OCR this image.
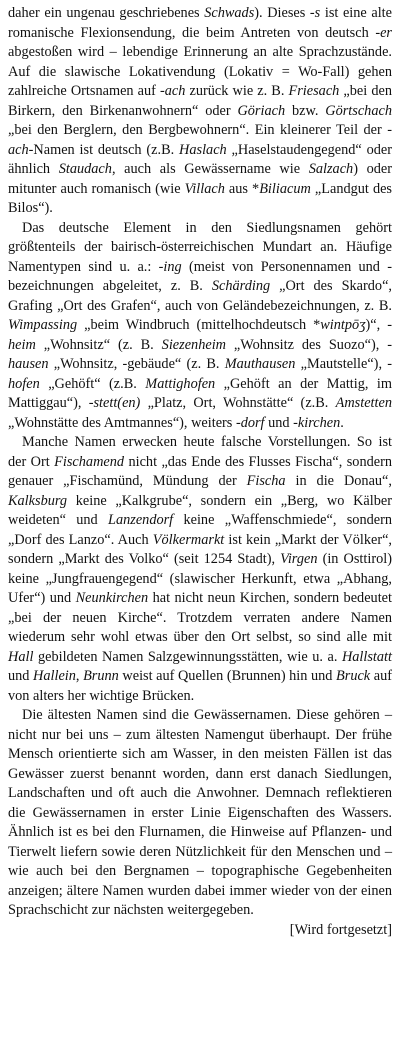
daher ein ungenau geschriebenes Schwads). Dieses -s ist eine alte romanische Flexionsendung, die beim Antreten von deutsch -er abgestoßen wird – lebendige Erinnerung an alte Sprachzustände. Auf die slawische Lokativendung (Lokativ = Wo-Fall) gehen zahlreiche Ortsnamen auf -ach zurück wie z. B. Friesach „bei den Birkern, den Birkenanwohnern“ oder Göriach bzw. Görtschach „bei den Berglern, den Bergbewohnern“. Ein kleinerer Teil der -ach-Namen ist deutsch (z.B. Haslach „Haselstaudengegend“ oder ähnlich Staudach, auch als Gewässername wie Salzach) oder mitunter auch romanisch (wie Villach aus *Biliacum „Landgut des Bilos“).

Das deutsche Element in den Siedlungsnamen gehört größtenteils der bairisch-österreichischen Mundart an. Häufige Namentypen sind u. a.: -ing (meist von Personennamen und -bezeichnungen abgeleitet, z. B. Schärding „Ort des Skardo“, Grafing „Ort des Grafen“, auch von Geländebezeichnungen, z. B. Wimpassing „beim Windbruch (mittelhochdeutsch *wintpōʒ)“, -heim „Wohnsitz“ (z. B. Siezenheim „Wohnsitz des Suozo“), -hausen „Wohnsitz, -gebäude“ (z. B. Mauthausen „Mautstelle“), -hofen „Gehöft“ (z.B. Mattighofen „Gehöft an der Mattig, im Mattiggau“), -stett(en) „Platz, Ort, Wohnstätte“ (z.B. Amstetten „Wohnstätte des Amtmannes“), weiters -dorf und -kirchen.

Manche Namen erwecken heute falsche Vorstellungen. So ist der Ort Fischamend nicht „das Ende des Flusses Fischa“, sondern genauer „Fischamünd, Mündung der Fischa in die Donau“, Kalksburg keine „Kalkgrube“, sondern ein „Berg, wo Kälber weideten“ und Lanzendorf keine „Waffenschmiede“, sondern „Dorf des Lanzo“. Auch Völkermarkt ist kein „Markt der Völker“, sondern „Markt des Volko“ (seit 1254 Stadt), Virgen (in Osttirol) keine „Jungfrauengegend“ (slawischer Herkunft, etwa „Abhang, Ufer“) und Neunkirchen hat nicht neun Kirchen, sondern bedeutet „bei der neuen Kirche“. Trotzdem verraten andere Namen wiederum sehr wohl etwas über den Ort selbst, so sind alle mit Hall gebildeten Namen Salzgewinnungsstätten, wie u. a. Hallstatt und Hallein, Brunn weist auf Quellen (Brunnen) hin und Bruck auf von alters her wichtige Brücken.

Die ältesten Namen sind die Gewässernamen. Diese gehören – nicht nur bei uns – zum ältesten Namengut überhaupt. Der frühe Mensch orientierte sich am Wasser, in den meisten Fällen ist das Gewässer zuerst benannt worden, dann erst danach Siedlungen, Landschaften und oft auch die Anwohner. Demnach reflektieren die Gewässernamen in erster Linie Eigenschaften des Wassers. Ähnlich ist es bei den Flurnamen, die Hinweise auf Pflanzen- und Tierwelt liefern sowie deren Nützlichkeit für den Menschen und – wie auch bei den Bergnamen – topographische Gegebenheiten anzeigen; ältere Namen wurden dabei immer wieder von der einen Sprachschicht zur nächsten weitergegeben.
[Wird fortgesetzt]
